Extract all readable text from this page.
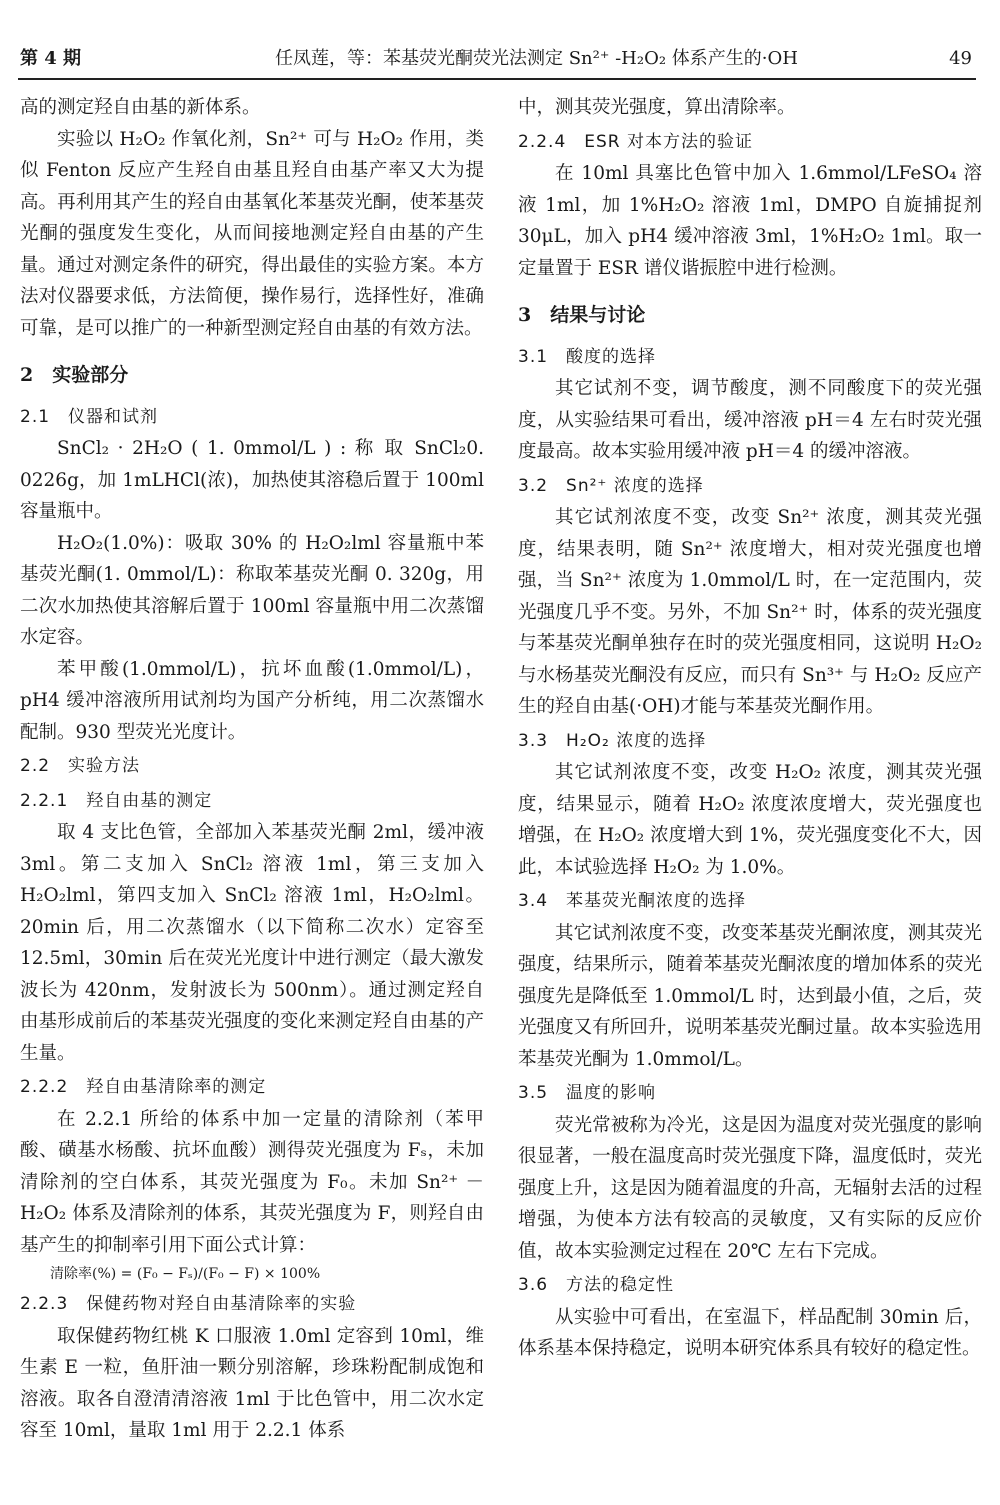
第 4 期	任凤莲，等：苯基荧光酮荧光法测定 Sn²⁺ -H₂O₂ 体系产生的·OH	49

高的测定羟自由基的新体系。

实验以 H₂O₂ 作氧化剂，Sn²⁺ 可与 H₂O₂ 作用，类似 Fenton 反应产生羟自由基且羟自由基产率又大为提高。再利用其产生的羟自由基氧化苯基荧光酮，使苯基荧光酮的强度发生变化，从而间接地测定羟自由基的产生量。通过对测定条件的研究，得出最佳的实验方案。本方法对仪器要求低，方法简便，操作易行，选择性好，准确可靠，是可以推广的一种新型测定羟自由基的有效方法。

2　实验部分
2.1　仪器和试剂

SnCl₂ · 2H₂O ( 1. 0mmol/L ) : 称 取 SnCl₂0. 0226g，加 1mLHCl(浓)，加热使其溶稳后置于 100ml 容量瓶中。

H₂O₂(1.0%)：吸取 30% 的 H₂O₂lml 容量瓶中苯基荧光酮(1. 0mmol/L)：称取苯基荧光酮 0. 320g，用二次水加热使其溶解后置于 100ml 容量瓶中用二次蒸馏水定容。

苯甲酸(1.0mmol/L)，抗坏血酸(1.0mmol/L)，pH4 缓冲溶液所用试剂均为国产分析纯，用二次蒸馏水配制。930 型荧光光度计。

2.2　实验方法
2.2.1　羟自由基的测定

取 4 支比色管，全部加入苯基荧光酮 2ml，缓冲液 3ml。第二支加入 SnCl₂ 溶液 1ml，第三支加入 H₂O₂lml，第四支加入 SnCl₂ 溶液 1ml，H₂O₂lml。20min 后，用二次蒸馏水（以下简称二次水）定容至 12.5ml，30min 后在荧光光度计中进行测定（最大激发波长为 420nm，发射波长为 500nm）。通过测定羟自由基形成前后的苯基荧光强度的变化来测定羟自由基的产生量。

2.2.2　羟自由基清除率的测定

在 2.2.1 所给的体系中加一定量的清除剂（苯甲酸、磺基水杨酸、抗坏血酸）测得荧光强度为 Fₛ，未加清除剂的空白体系，其荧光强度为 F₀。未加 Sn²⁺ － H₂O₂ 体系及清除剂的体系，其荧光强度为 F，则羟自由基产生的抑制率引用下面公式计算：

清除率(%) = (F₀ − Fₛ)/(F₀ − F) × 100%
2.2.3　保健药物对羟自由基清除率的实验

取保健药物红桃 K 口服液 1.0ml 定容到 10ml，维生素 E 一粒，鱼肝油一颗分别溶解，珍珠粉配制成饱和溶液。取各自澄清清溶液 1ml 于比色管中，用二次水定容至 10ml，量取 1ml 用于 2.2.1 体系

中，测其荧光强度，算出清除率。

2.2.4　ESR 对本方法的验证

在 10ml 具塞比色管中加入 1.6mmol/LFeSO₄ 溶液 1ml，加 1%H₂O₂ 溶液 1ml，DMPO 自旋捕捉剂 30μL，加入 pH4 缓冲溶液 3ml，1%H₂O₂ 1ml。取一定量置于 ESR 谱仪谐振腔中进行检测。

3　结果与讨论
3.1　酸度的选择

其它试剂不变，调节酸度，测不同酸度下的荧光强度，从实验结果可看出，缓冲溶液 pH＝4 左右时荧光强度最高。故本实验用缓冲液 pH＝4 的缓冲溶液。

3.2　Sn²⁺ 浓度的选择

其它试剂浓度不变，改变 Sn²⁺ 浓度，测其荧光强度，结果表明，随 Sn²⁺ 浓度增大，相对荧光强度也增强，当 Sn²⁺ 浓度为 1.0mmol/L 时，在一定范围内，荧光强度几乎不变。另外，不加 Sn²⁺ 时，体系的荧光强度与苯基荧光酮单独存在时的荧光强度相同，这说明 H₂O₂ 与水杨基荧光酮没有反应，而只有 Sn³⁺ 与 H₂O₂ 反应产生的羟自由基(·OH)才能与苯基荧光酮作用。

3.3　H₂O₂ 浓度的选择

其它试剂浓度不变，改变 H₂O₂ 浓度，测其荧光强度，结果显示，随着 H₂O₂ 浓度浓度增大，荧光强度也增强，在 H₂O₂ 浓度增大到 1%，荧光强度变化不大，因此，本试验选择 H₂O₂ 为 1.0%。

3.4　苯基荧光酮浓度的选择

其它试剂浓度不变，改变苯基荧光酮浓度，测其荧光强度，结果所示，随着苯基荧光酮浓度的增加体系的荧光强度先是降低至 1.0mmol/L 时，达到最小值，之后，荧光强度又有所回升，说明苯基荧光酮过量。故本实验选用苯基荧光酮为 1.0mmol/L。

3.5　温度的影响

荧光常被称为冷光，这是因为温度对荧光强度的影响很显著，一般在温度高时荧光强度下降，温度低时，荧光强度上升，这是因为随着温度的升高，无辐射去活的过程增强，为使本方法有较高的灵敏度，又有实际的反应价值，故本实验测定过程在 20℃ 左右下完成。

3.6　方法的稳定性

从实验中可看出，在室温下，样品配制 30min 后，体系基本保持稳定，说明本研究体系具有较好的稳定性。
